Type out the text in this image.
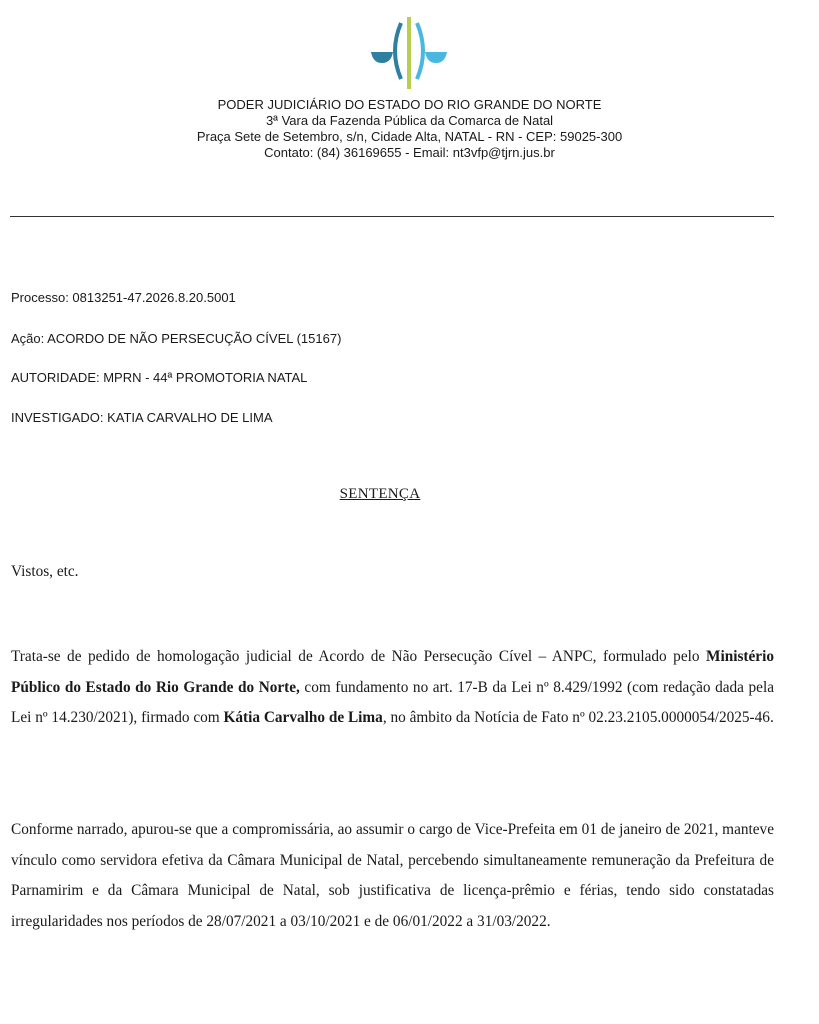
PODER JUDICIÁRIO DO ESTADO DO RIO GRANDE DO NORTE
3ª Vara da Fazenda Pública da Comarca de Natal
Praça Sete de Setembro, s/n, Cidade Alta, NATAL - RN - CEP: 59025-300
Contato: (84) 36169655 - Email: nt3vfp@tjrn.jus.br
Processo: 0813251-47.2026.8.20.5001
Ação: ACORDO DE NÃO PERSECUÇÃO CÍVEL (15167)
AUTORIDADE: MPRN - 44ª PROMOTORIA NATAL
INVESTIGADO: KATIA CARVALHO DE LIMA
SENTENÇA
Vistos, etc.
Trata-se de pedido de homologação judicial de Acordo de Não Persecução Cível – ANPC, formulado pelo Ministério Público do Estado do Rio Grande do Norte, com fundamento no art. 17-B da Lei nº 8.429/1992 (com redação dada pela Lei nº 14.230/2021), firmado com Kátia Carvalho de Lima, no âmbito da Notícia de Fato nº 02.23.2105.0000054/2025-46.
Conforme narrado, apurou-se que a compromissária, ao assumir o cargo de Vice-Prefeita em 01 de janeiro de 2021, manteve vínculo como servidora efetiva da Câmara Municipal de Natal, percebendo simultaneamente remuneração da Prefeitura de Parnamirim e da Câmara Municipal de Natal, sob justificativa de licença-prêmio e férias, tendo sido constatadas irregularidades nos períodos de 28/07/2021 a 03/10/2021 e de 06/01/2022 a 31/03/2022.
